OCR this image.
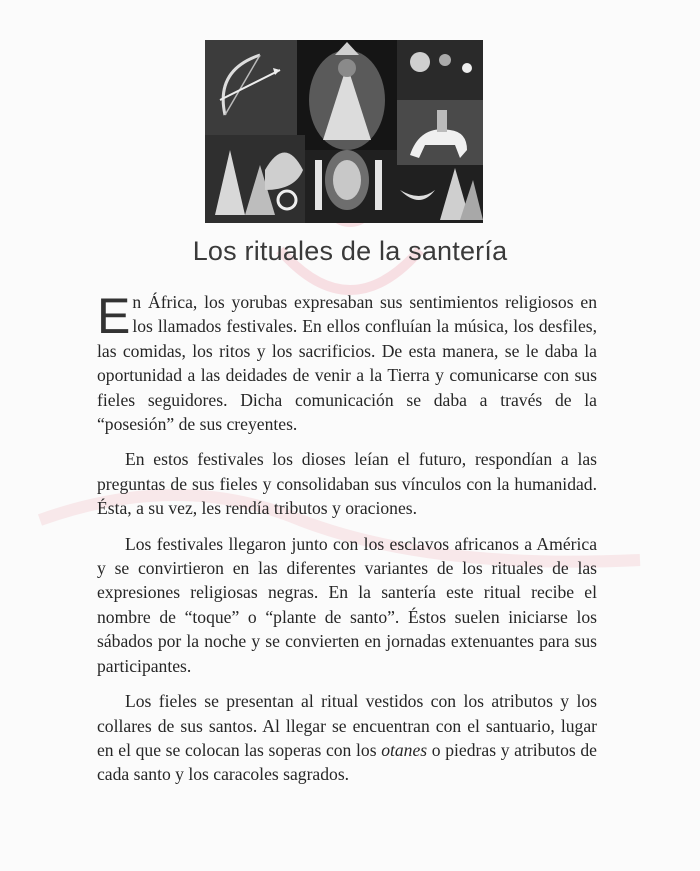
Los rituales de la santería

En África, los yorubas expresaban sus sentimientos religiosos en los llamados festivales. En ellos confluían la música, los desfiles, las comidas, los ritos y los sacrificios. De esta manera, se le daba la oportunidad a las deidades de venir a la Tierra y comunicarse con sus fieles seguidores. Dicha comunicación se daba a través de la “posesión” de sus creyentes.

En estos festivales los dioses leían el futuro, respondían a las preguntas de sus fieles y consolidaban sus vínculos con la humanidad. Ésta, a su vez, les rendía tributos y oraciones.

Los festivales llegaron junto con los esclavos africanos a América y se convirtieron en las diferentes variantes de los rituales de las expresiones religiosas negras. En la santería este ritual recibe el nombre de “toque” o “plante de santo”. Éstos suelen iniciarse los sábados por la noche y se convierten en jornadas extenuantes para sus participantes.

Los fieles se presentan al ritual vestidos con los atributos y los collares de sus santos. Al llegar se encuentran con el santuario, lugar en el que se colocan las soperas con los otanes o piedras y atributos de cada santo y los caracoles sagrados.
